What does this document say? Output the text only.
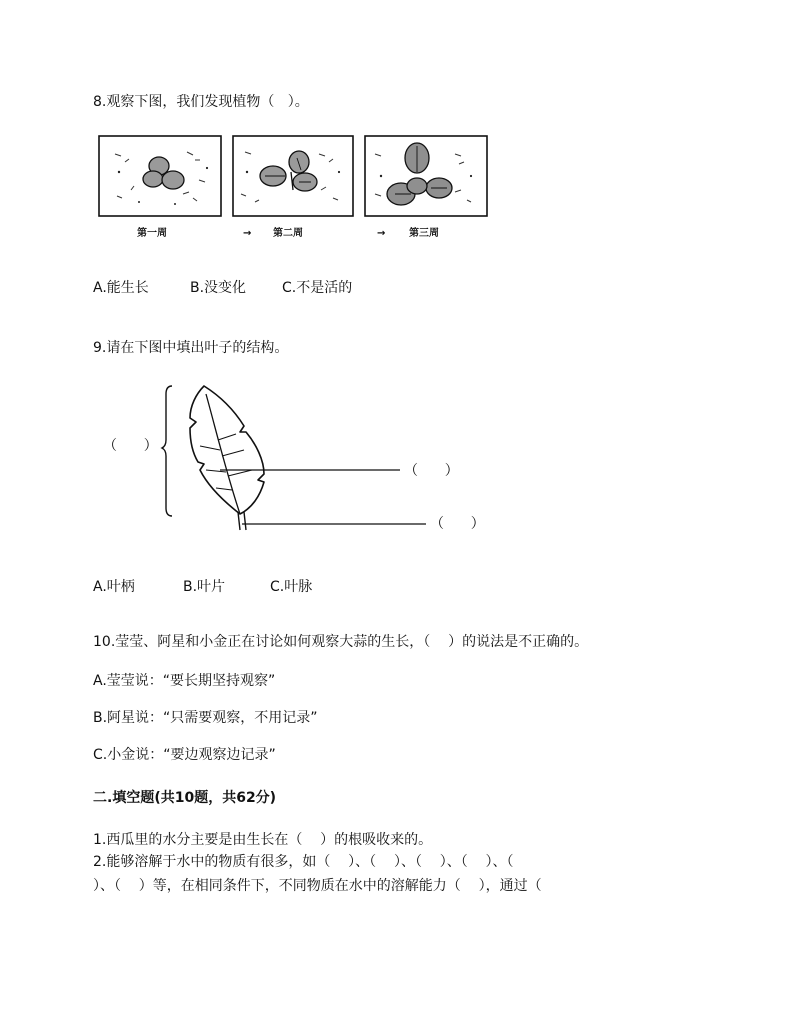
8.观察下图，我们发现植物（   ）。
第一周	→ 第二周	→ 第三周
A.能生长	B.没变化	C.不是活的
9.请在下图中填出叶子的结构。
（      ）
（      ）
（      ）
A.叶柄	B.叶片	C.叶脉
10.莹莹、阿星和小金正在讨论如何观察大蒜的生长，（    ）的说法是不正确的。
A.莹莹说：“要长期坚持观察”
B.阿星说：“只需要观察，不用记录”
C.小金说：“要边观察边记录”
二.填空题(共10题，共62分)
1.西瓜里的水分主要是由生长在（    ）的根吸收来的。
2.能够溶解于水中的物质有很多，如（    ）、（    ）、（    ）、（    ）、（
）、（    ）等，在相同条件下，不同物质在水中的溶解能力（    ），通过（
